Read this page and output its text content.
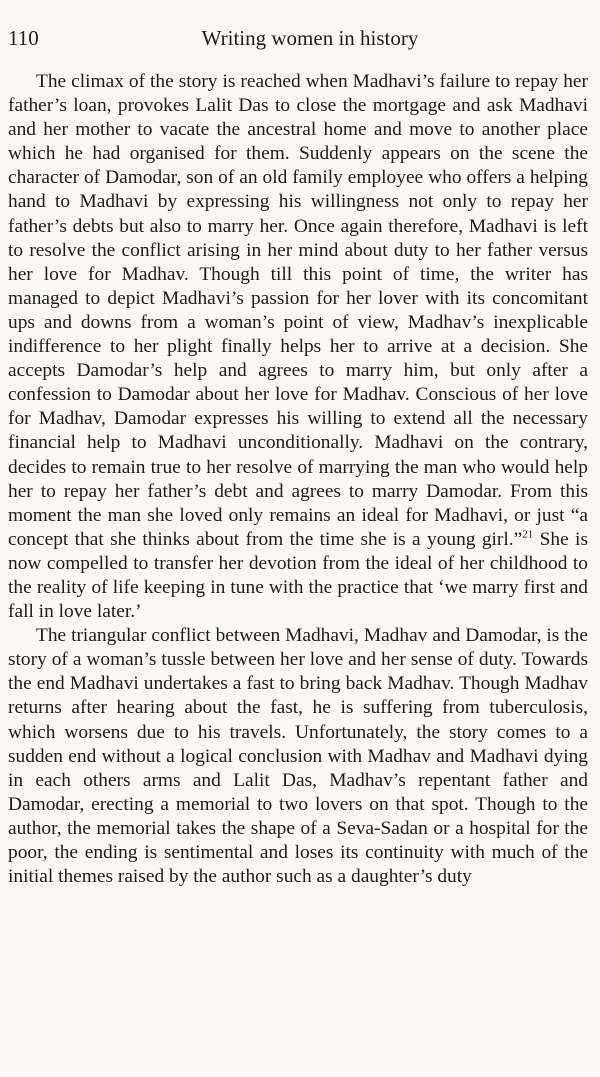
110	Writing women in history

The climax of the story is reached when Madhavi’s failure to repay her father’s loan, provokes Lalit Das to close the mortgage and ask Madhavi and her mother to vacate the ancestral home and move to another place which he had organised for them. Suddenly appears on the scene the character of Damodar, son of an old family employee who offers a helping hand to Madhavi by expressing his willingness not only to repay her father’s debts but also to marry her. Once again therefore, Madhavi is left to resolve the conflict arising in her mind about duty to her father versus her love for Madhav. Though till this point of time, the writer has managed to depict Madhavi’s passion for her lover with its concomitant ups and downs from a woman’s point of view, Madhav’s inexplicable indifference to her plight finally helps her to arrive at a decision. She accepts Damodar’s help and agrees to marry him, but only after a confession to Damodar about her love for Madhav. Conscious of her love for Madhav, Damodar expresses his willing to extend all the necessary financial help to Madhavi unconditionally. Madhavi on the contrary, decides to remain true to her resolve of marrying the man who would help her to repay her father’s debt and agrees to marry Damodar. From this moment the man she loved only remains an ideal for Madhavi, or just “a concept that she thinks about from the time she is a young girl.”$^{21}$ She is now compelled to transfer her devotion from the ideal of her childhood to the reality of life keeping in tune with the practice that ‘we marry first and fall in love later.’

The triangular conflict between Madhavi, Madhav and Damodar, is the story of a woman’s tussle between her love and her sense of duty. Towards the end Madhavi undertakes a fast to bring back Madhav. Though Madhav returns after hearing about the fast, he is suffering from tuberculosis, which worsens due to his travels. Unfortunately, the story comes to a sudden end without a logical conclusion with Madhav and Madhavi dying in each others arms and Lalit Das, Madhav’s repentant father and Damodar, erecting a memorial to two lovers on that spot. Though to the author, the memorial takes the shape of a Seva-Sadan or a hospital for the poor, the ending is sentimental and loses its continuity with much of the initial themes raised by the author such as a daughter’s duty
